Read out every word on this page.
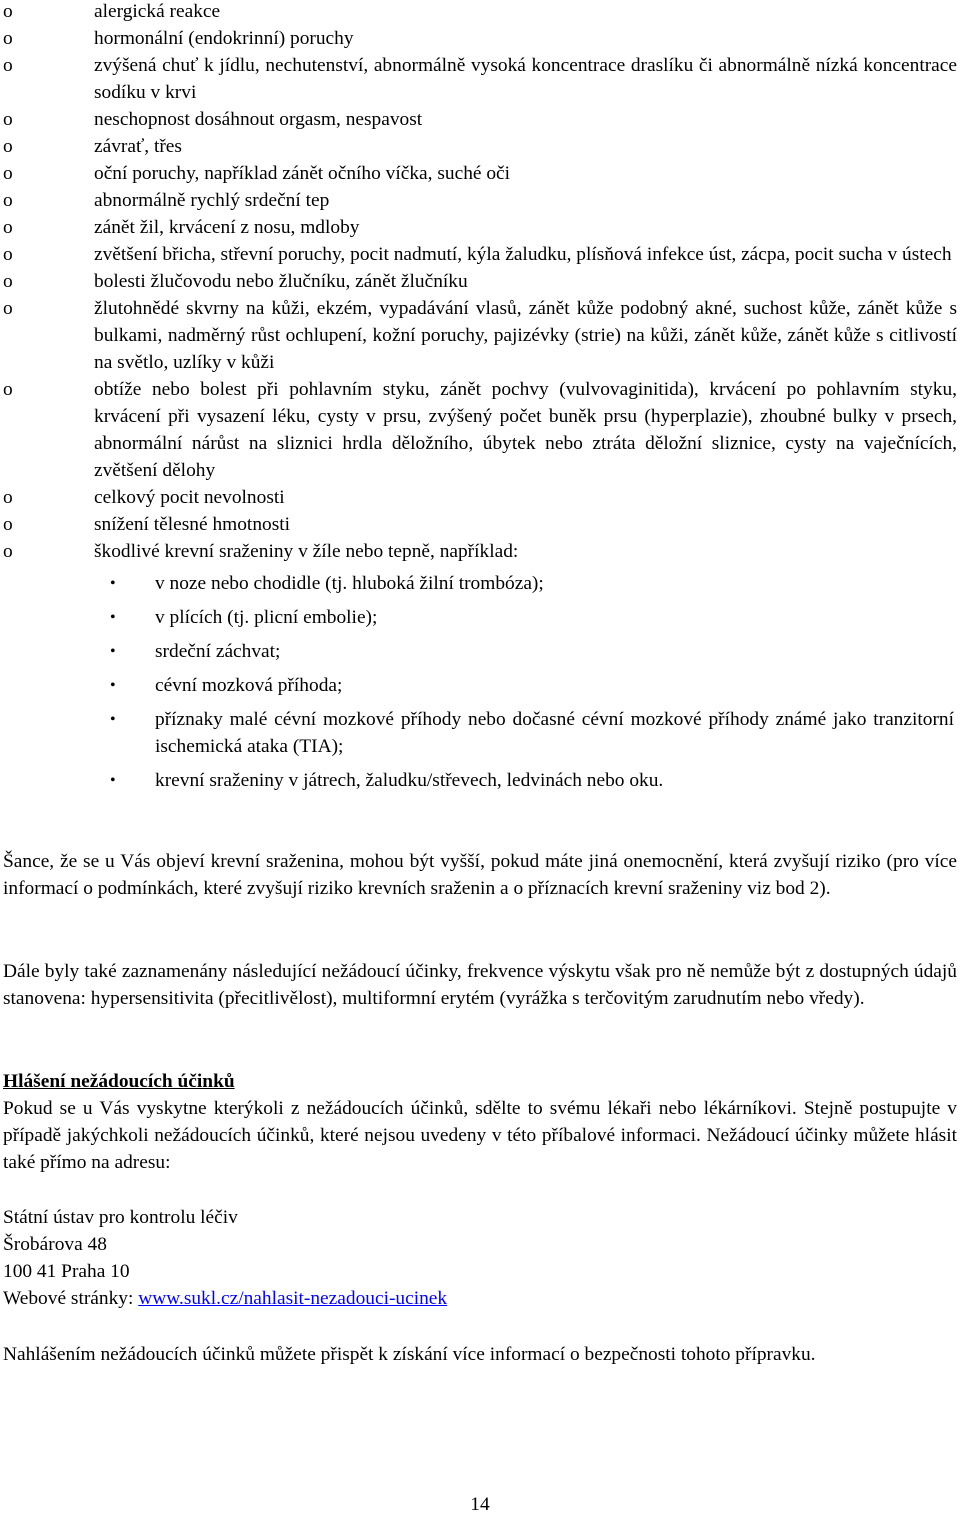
o	alergická reakce
o	hormonální (endokrinní) poruchy
o	zvýšená chuť k jídlu, nechutenství, abnormálně vysoká koncentrace draslíku či abnormálně nízká koncentrace sodíku v krvi
o	neschopnost dosáhnout orgasm, nespavost
o	závrať, třes
o	oční poruchy, například zánět očního víčka, suché oči
o	abnormálně rychlý srdeční tep
o	zánět žil, krvácení z nosu, mdloby
o	zvětšení břicha, střevní poruchy, pocit nadmutí, kýla žaludku, plísňová infekce úst, zácpa, pocit sucha v ústech
o	bolesti žlučovodu nebo žlučníku, zánět žlučníku
o	žlutohnědé skvrny na kůži, ekzém, vypadávání vlasů, zánět kůže podobný akné, suchost kůže, zánět kůže s bulkami, nadměrný růst ochlupení, kožní poruchy, pajizévky (strie) na kůži, zánět kůže, zánět kůže s citlivostí na světlo, uzlíky v kůži
o	obtíže nebo bolest při pohlavním styku, zánět pochvy (vulvovaginitida), krvácení po pohlavním styku, krvácení při vysazení léku, cysty v prsu, zvýšený počet buněk prsu (hyperplazie), zhoubné bulky v prsech, abnormální nárůst na sliznici hrdla děložního, úbytek nebo ztráta děložní sliznice, cysty na vaječnících, zvětšení dělohy
o	celkový pocit nevolnosti
o	snížení tělesné hmotnosti
o	škodlivé krevní sraženiny v žíle nebo tepně, například:
• v noze nebo chodidle (tj. hluboká žilní trombóza);
• v plících (tj. plicní embolie);
• srdeční záchvat;
• cévní mozková příhoda;
• příznaky malé cévní mozkové příhody nebo dočasné cévní mozkové příhody známé jako tranzitorní ischemická ataka (TIA);
• krevní sraženiny v játrech, žaludku/střevech, ledvinách nebo oku.

Šance, že se u Vás objeví krevní sraženina, mohou být vyšší, pokud máte jiná onemocnění, která zvyšují riziko (pro více informací o podmínkách, které zvyšují riziko krevních sraženin a o příznacích krevní sraženiny viz bod 2).

Dále byly také zaznamenány následující nežádoucí účinky, frekvence výskytu však pro ně nemůže být z dostupných údajů stanovena: hypersensitivita (přecitlivělost), multiformní erytém (vyrážka s terčovitým zarudnutím nebo vředy).

Hlášení nežádoucích účinků
Pokud se u Vás vyskytne kterýkoli z nežádoucích účinků, sdělte to svému lékaři nebo lékárníkovi. Stejně postupujte v případě jakýchkoli nežádoucích účinků, které nejsou uvedeny v této příbalové informaci. Nežádoucí účinky můžete hlásit také přímo na adresu:
Státní ústav pro kontrolu léčiv
Šrobárova 48
100 41 Praha 10
Webové stránky: www.sukl.cz/nahlasit-nezadouci-ucinek

Nahlášením nežádoucích účinků můžete přispět k získání více informací o bezpečnosti tohoto přípravku.

14
